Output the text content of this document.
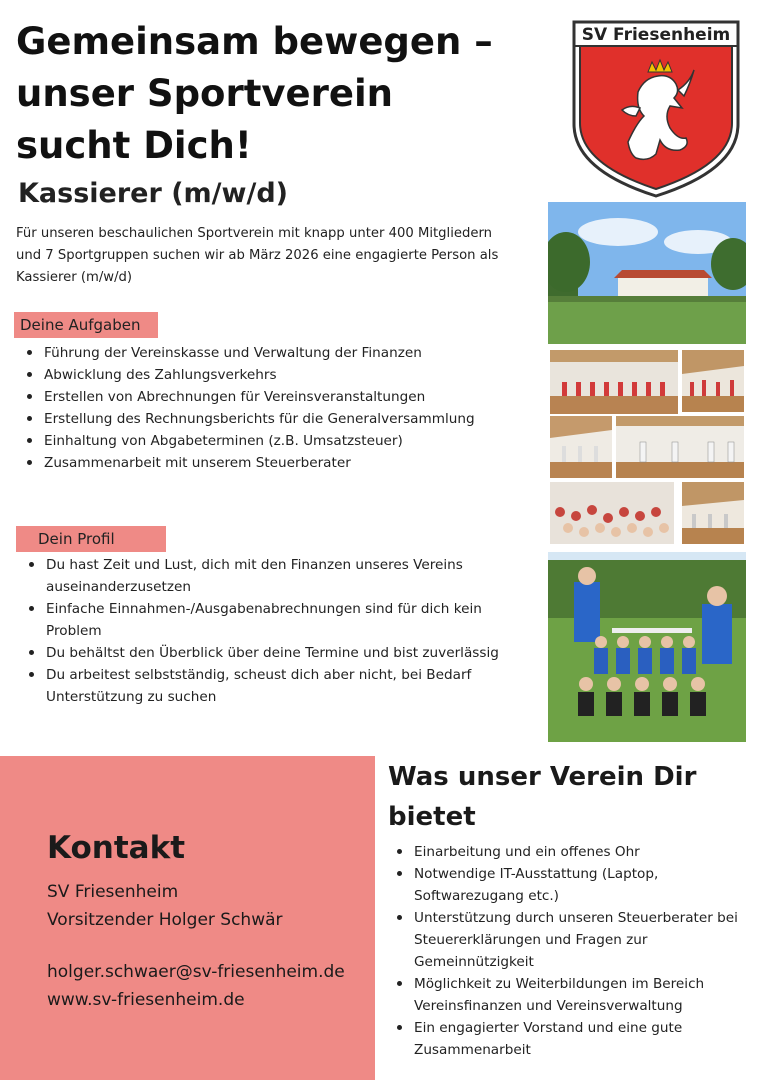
Gemeinsam bewegen –
unser Sportverein
sucht Dich!
Kassierer (m/w/d)
Für unseren beschaulichen Sportverein mit knapp unter 400 Mitgliedern und 7 Sportgruppen suchen wir ab März 2026 eine engagierte Person als Kassierer (m/w/d)
SV Friesenheim
Deine Aufgaben
Führung der Vereinskasse und Verwaltung der Finanzen
Abwicklung des Zahlungsverkehrs
Erstellen von Abrechnungen für Vereinsveranstaltungen
Erstellung des Rechnungsberichts für die Generalversammlung
Einhaltung von Abgabeterminen (z.B. Umsatzsteuer)
Zusammenarbeit mit unserem Steuerberater
Dein Profil
Du hast Zeit und Lust, dich mit den Finanzen unseres Vereins auseinanderzusetzen
Einfache Einnahmen-/Ausgabenabrechnungen sind für dich kein Problem
Du behältst den Überblick über deine Termine und bist zuverlässig
Du arbeitest selbstständig, scheust dich aber nicht, bei Bedarf Unterstützung zu suchen
Kontakt
SV Friesenheim
Vorsitzender Holger Schwär
holger.schwaer@sv-friesenheim.de
www.sv-friesenheim.de
Was unser Verein Dir bietet
Einarbeitung und ein offenes Ohr
Notwendige IT-Ausstattung (Laptop, Softwarezugang etc.)
Unterstützung durch unseren Steuerberater bei Steuererklärungen und Fragen zur Gemeinnützigkeit
Möglichkeit zu Weiterbildungen im Bereich Vereinsfinanzen und Vereinsverwaltung
Ein engagierter Vorstand und eine gute Zusammenarbeit
